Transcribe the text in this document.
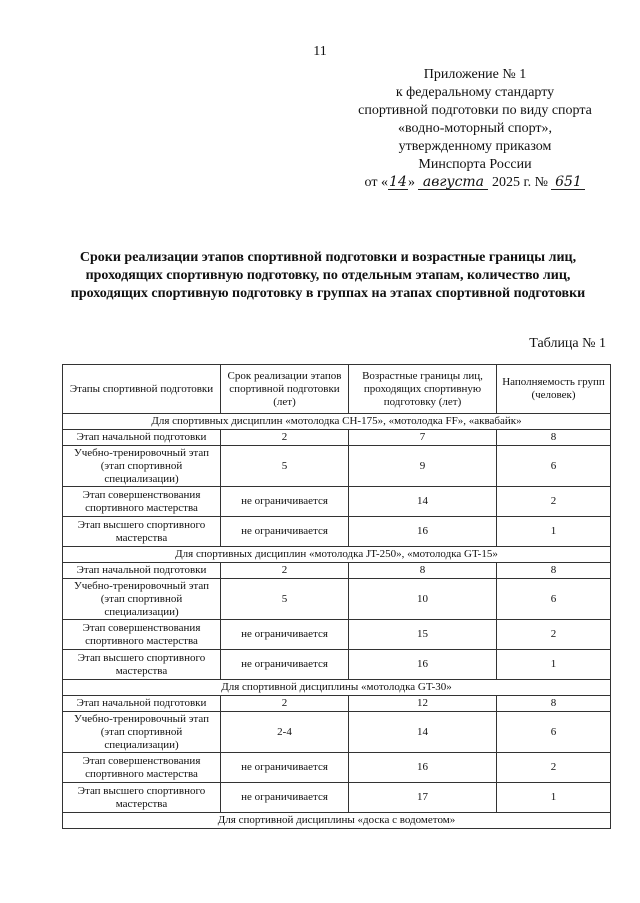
11
Приложение № 1
к федеральному стандарту
спортивной подготовки по виду спорта
«водно-моторный спорт»,
утвержденному приказом
Минспорта России
от «14» августа 2025 г. № 651
Сроки реализации этапов спортивной подготовки и возрастные границы лиц, проходящих спортивную подготовку, по отдельным этапам, количество лиц, проходящих спортивную подготовку в группах на этапах спортивной подготовки
Таблица № 1
Этапы спортивной подготовки	Срок реализации этапов спортивной подготовки (лет)	Возрастные границы лиц, проходящих спортивную подготовку (лет)	Наполняемость групп (человек)
Для спортивных дисциплин «мотолодка СН-175», «мотолодка FF», «аквабайк»			
Этап начальной подготовки	2	7	8
Учебно-тренировочный этап (этап спортивной специализации)	5	9	6
Этап совершенствования спортивного мастерства	не ограничивается	14	2
Этап высшего спортивного мастерства	не ограничивается	16	1
Для спортивных дисциплин «мотолодка JT-250», «мотолодка GT-15»			
Этап начальной подготовки	2	8	8
Учебно-тренировочный этап (этап спортивной специализации)	5	10	6
Этап совершенствования спортивного мастерства	не ограничивается	15	2
Этап высшего спортивного мастерства	не ограничивается	16	1
Для спортивной дисциплины «мотолодка GT-30»			
Этап начальной подготовки	2	12	8
Учебно-тренировочный этап (этап спортивной специализации)	2-4	14	6
Этап совершенствования спортивного мастерства	не ограничивается	16	2
Этап высшего спортивного мастерства	не ограничивается	17	1
Для спортивной дисциплины «доска с водометом»			
